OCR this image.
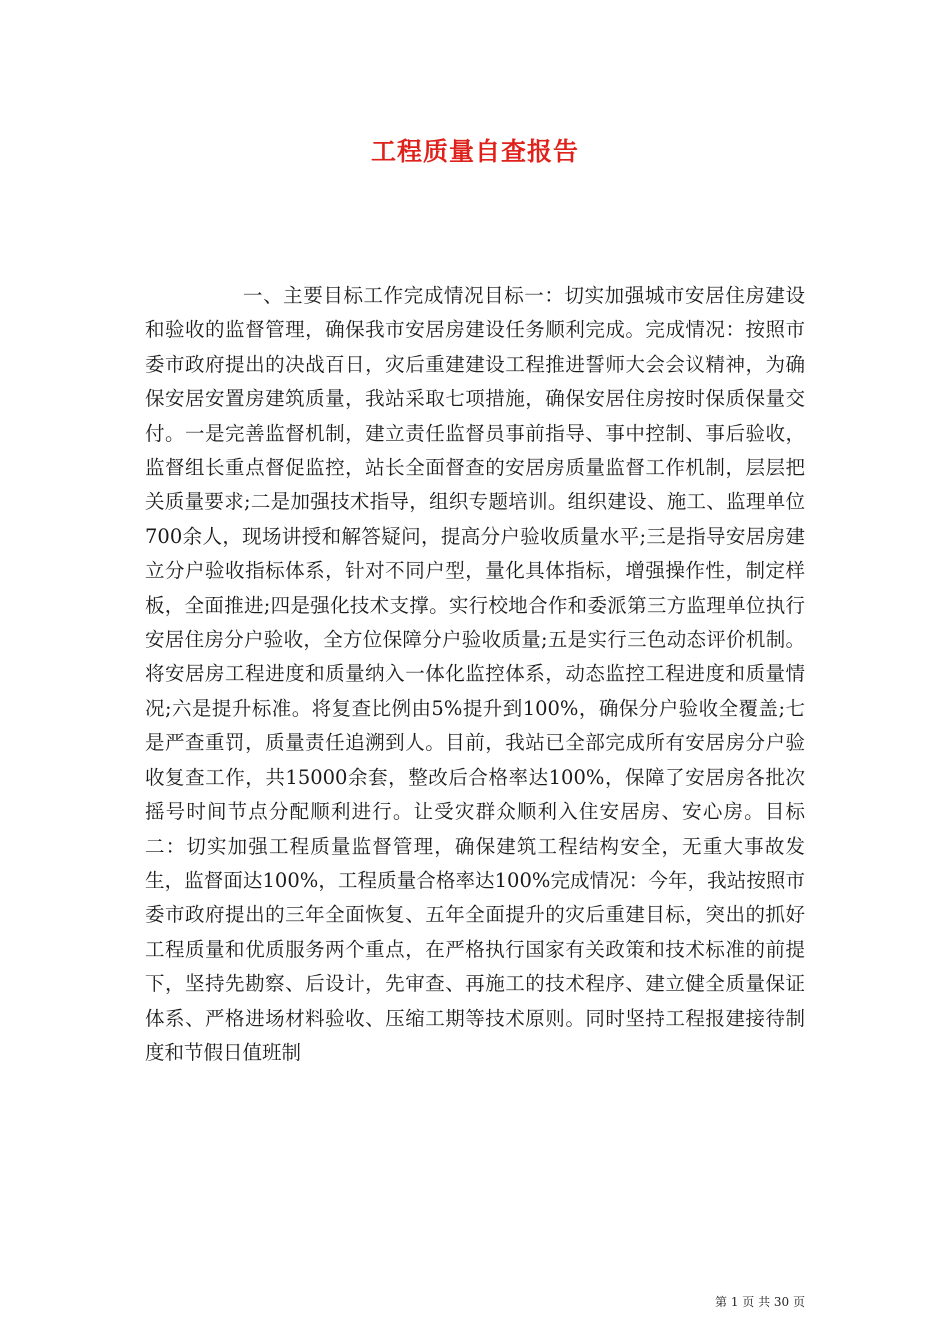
工程质量自查报告

一、主要目标工作完成情况目标一：切实加强城市安居住房建设和验收的监督管理，确保我市安居房建设任务顺利完成。完成情况：按照市委市政府提出的决战百日，灾后重建建设工程推进誓师大会会议精神，为确保安居安置房建筑质量，我站采取七项措施，确保安居住房按时保质保量交付。一是完善监督机制，建立责任监督员事前指导、事中控制、事后验收，监督组长重点督促监控，站长全面督查的安居房质量监督工作机制，层层把关质量要求;二是加强技术指导，组织专题培训。组织建设、施工、监理单位700余人，现场讲授和解答疑问，提高分户验收质量水平;三是指导安居房建立分户验收指标体系，针对不同户型，量化具体指标，增强操作性，制定样板，全面推进;四是强化技术支撑。实行校地合作和委派第三方监理单位执行安居住房分户验收，全方位保障分户验收质量;五是实行三色动态评价机制。将安居房工程进度和质量纳入一体化监控体系，动态监控工程进度和质量情况;六是提升标准。将复查比例由5%提升到100%，确保分户验收全覆盖;七是严查重罚，质量责任追溯到人。目前，我站已全部完成所有安居房分户验收复查工作，共15000余套，整改后合格率达100%，保障了安居房各批次摇号时间节点分配顺利进行。让受灾群众顺利入住安居房、安心房。目标二：切实加强工程质量监督管理，确保建筑工程结构安全，无重大事故发生，监督面达100%，工程质量合格率达100%完成情况：今年，我站按照市委市政府提出的三年全面恢复、五年全面提升的灾后重建目标，突出的抓好工程质量和优质服务两个重点，在严格执行国家有关政策和技术标准的前提下，坚持先勘察、后设计，先审查、再施工的技术程序、建立健全质量保证体系、严格进场材料验收、压缩工期等技术原则。同时坚持工程报建接待制度和节假日值班制

第 1 页 共 30 页
